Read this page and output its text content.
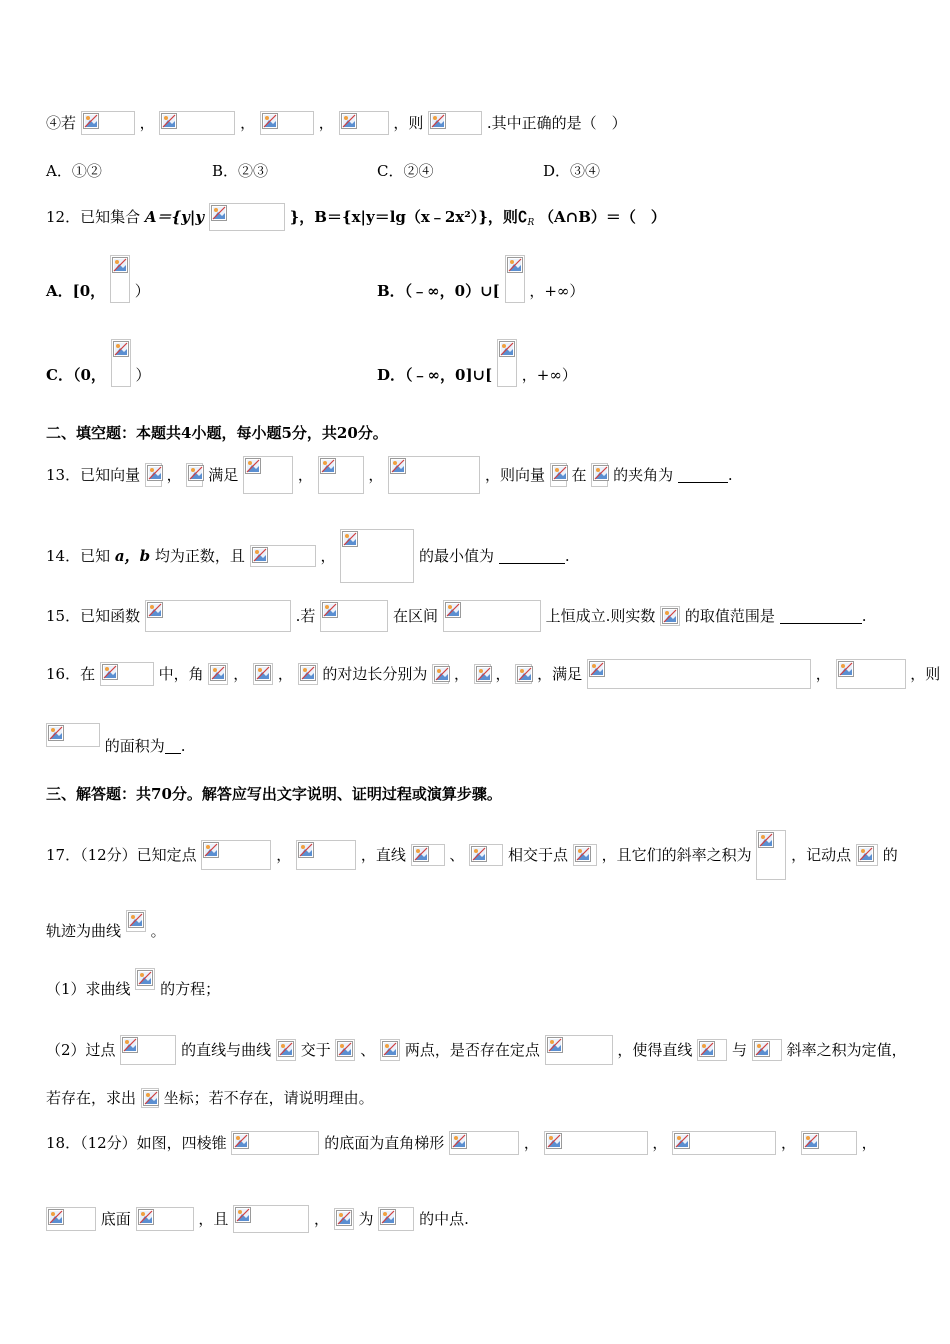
④若	，	，	，	，则	.其中正确的是（　）
A．①②	B．②③	C．②④	D．③④
12．已知集合 A＝{y|y	}，B＝{x|y＝lg（x﹣2x²）}，则∁R （A∩B）＝（　）
A．[0， ）	B．（﹣∞，0）∪[ ，+∞）
C．（0， ）	D．（﹣∞，0]∪[ ，+∞）
二、填空题：本题共4小题，每小题5分，共20分。
13．已知向量 ， 满足	，	，	，则向量 在 的夹角为	.
14．已知 a，b 均为正数，且	，	的最小值为	.
15．已知函数	.若	在区间	上恒成立.则实数 的取值范围是	.
16．在	中，角 ， ， 的对边长分别为 ， ， ，满足	，	，则
的面积为 .
三、解答题：共70分。解答应写出文字说明、证明过程或演算步骤。
17．（12分）已知定点	，	，直线	、	相交于点 ，且它们的斜率之积为	，记动点 的
轨迹为曲线 。
（1）求曲线 的方程；
（2）过点	的直线与曲线 交于 、 两点，是否存在定点	，使得直线	与	斜率之积为定值，
若存在，求出 坐标；若不存在，请说明理由。
18．（12分）如图，四棱锥	的底面为直角梯形	，	，	，	，
底面	，且	， 为	的中点.
